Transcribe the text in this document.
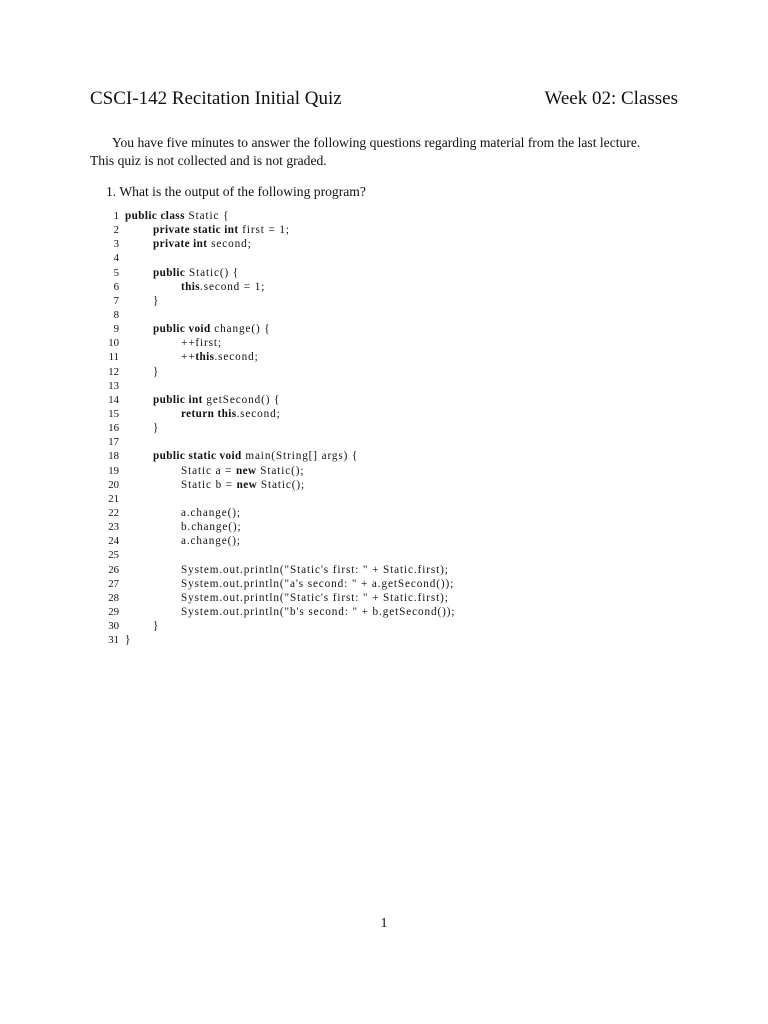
CSCI-142 Recitation Initial Quiz	Week 02: Classes
You have five minutes to answer the following questions regarding material from the last lecture.
This quiz is not collected and is not graded.
1. What is the output of the following program?
1 public class Static {
2	private static int first = 1;
3	private int second;
4
5	public Static() {
6	this.second = 1;
7	}
8
9	public void change() {
10	++first;
11	++this.second;
12	}
13
14	public int getSecond() {
15	return this.second;
16	}
17
18	public static void main(String[] args) {
19	Static a = new Static();
20	Static b = new Static();
21
22	a.change();
23	b.change();
24	a.change();
25
26	System.out.println("Static's first: " + Static.first);
27	System.out.println("a's second: " + a.getSecond());
28	System.out.println("Static's first: " + Static.first);
29	System.out.println("b's second: " + b.getSecond());
30	}
31 }
1
